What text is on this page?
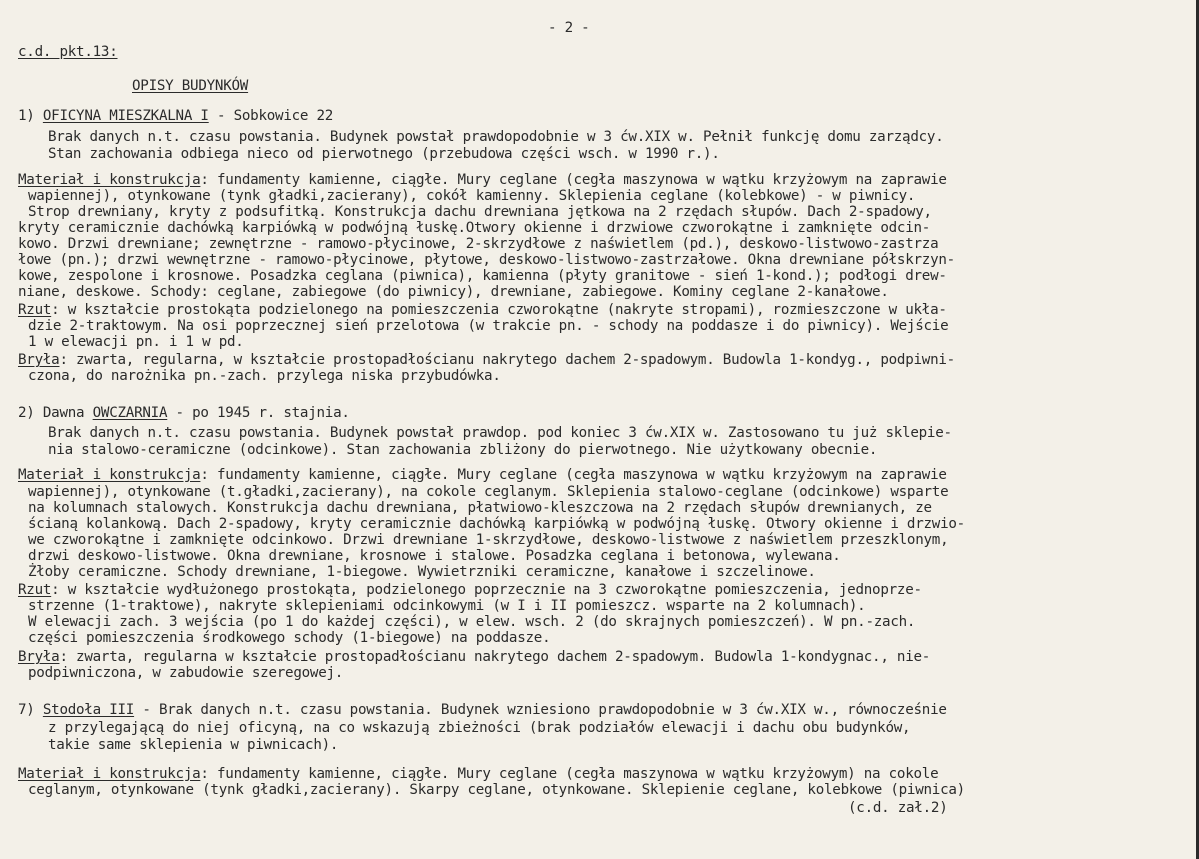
- 2 -
c.d. pkt.13:
OPISY BUDYNKÓW
1) OFICYNA MIESZKALNA I - Sobkowice 22
Brak danych n.t. czasu powstania. Budynek powstał prawdopodobnie w 3 ćw.XIX w. Pełnił funkcję domu zarządcy.
Stan zachowania odbiega nieco od pierwotnego (przebudowa części wsch. w 1990 r.).
Materiał i konstrukcja: fundamenty kamienne, ciągłe. Mury ceglane (cegła maszynowa w wątku krzyżowym na zaprawie
wapiennej), otynkowane (tynk gładki,zacierany), cokół kamienny. Sklepienia ceglane (kolebkowe) - w piwnicy.
Strop drewniany, kryty z podsufitką. Konstrukcja dachu drewniana jętkowa na 2 rzędach słupów. Dach 2-spadowy,
kryty ceramicznie dachówką karpiówką w podwójną łuskę.Otwory okienne i drzwiowe czworokątne i zamknięte odcin-
kowo. Drzwi drewniane; zewnętrzne - ramowo-płycinowe, 2-skrzydłowe z naświetlem (pd.), deskowo-listwowo-zastrza
łowe (pn.); drzwi wewnętrzne - ramowo-płycinowe, płytowe, deskowo-listwowo-zastrzałowe. Okna drewniane półskrzyn-
kowe, zespolone i krosnowe. Posadzka ceglana (piwnica), kamienna (płyty granitowe - sień 1-kond.); podłogi drew-
niane, deskowe. Schody: ceglane, zabiegowe (do piwnicy), drewniane, zabiegowe. Kominy ceglane 2-kanałowe.
Rzut: w kształcie prostokąta podzielonego na pomieszczenia czworokątne (nakryte stropami), rozmieszczone w ukła-
dzie 2-traktowym. Na osi poprzecznej sień przelotowa (w trakcie pn. - schody na poddasze i do piwnicy). Wejście
1 w elewacji pn. i 1 w pd.
Bryła: zwarta, regularna, w kształcie prostopadłościanu nakrytego dachem 2-spadowym. Budowla 1-kondyg., podpiwni-
czona, do narożnika pn.-zach. przylega niska przybudówka.
2) Dawna OWCZARNIA - po 1945 r. stajnia.
Brak danych n.t. czasu powstania. Budynek powstał prawdop. pod koniec 3 ćw.XIX w. Zastosowano tu już sklepie-
nia stalowo-ceramiczne (odcinkowe). Stan zachowania zbliżony do pierwotnego. Nie użytkowany obecnie.
Materiał i konstrukcja: fundamenty kamienne, ciągłe. Mury ceglane (cegła maszynowa w wątku krzyżowym na zaprawie
wapiennej), otynkowane (t.gładki,zacierany), na cokole ceglanym. Sklepienia stalowo-ceglane (odcinkowe) wsparte
na kolumnach stalowych. Konstrukcja dachu drewniana, płatwiowo-kleszczowa na 2 rzędach słupów drewnianych, ze
ścianą kolankową. Dach 2-spadowy, kryty ceramicznie dachówką karpiówką w podwójną łuskę. Otwory okienne i drzwio-
we czworokątne i zamknięte odcinkowo. Drzwi drewniane 1-skrzydłowe, deskowo-listwowe z naświetlem przeszklonym,
drzwi deskowo-listwowe. Okna drewniane, krosnowe i stalowe. Posadzka ceglana i betonowa, wylewana.
Żłoby ceramiczne. Schody drewniane, 1-biegowe. Wywietrzniki ceramiczne, kanałowe i szczelinowe.
Rzut: w kształcie wydłużonego prostokąta, podzielonego poprzecznie na 3 czworokątne pomieszczenia, jednoprze-
strzenne (1-traktowe), nakryte sklepieniami odcinkowymi (w I i II pomieszcz. wsparte na 2 kolumnach).
W elewacji zach. 3 wejścia (po 1 do każdej części), w elew. wsch. 2 (do skrajnych pomieszczeń). W pn.-zach.
części pomieszczenia środkowego schody (1-biegowe) na poddasze.
Bryła: zwarta, regularna w kształcie prostopadłościanu nakrytego dachem 2-spadowym. Budowla 1-kondygnac., nie-
podpiwniczona, w zabudowie szeregowej.
7) Stodoła III - Brak danych n.t. czasu powstania. Budynek wzniesiono prawdopodobnie w 3 ćw.XIX w., równocześnie
z przylegającą do niej oficyną, na co wskazują zbieżności (brak podziałów elewacji i dachu obu budynków,
takie same sklepienia w piwnicach).
Materiał i konstrukcja: fundamenty kamienne, ciągłe. Mury ceglane (cegła maszynowa w wątku krzyżowym) na cokole
ceglanym, otynkowane (tynk gładki,zacierany). Skarpy ceglane, otynkowane. Sklepienie ceglane, kolebkowe (piwnica)
(c.d. zał.2)
